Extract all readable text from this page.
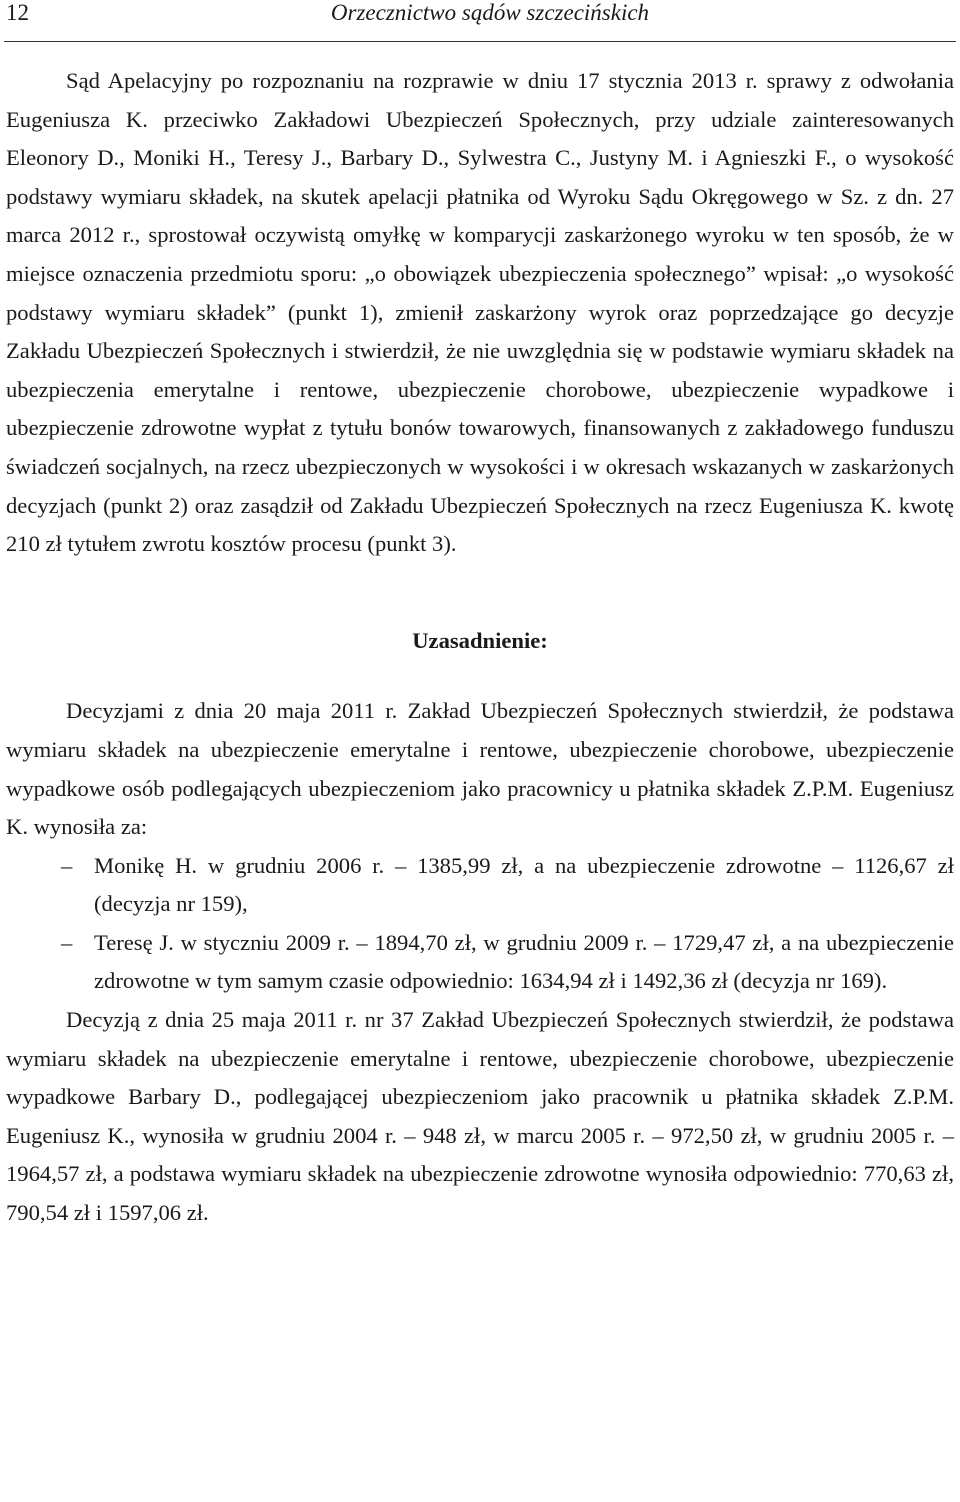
12	Orzecznictwo sądów szczecińskich

Sąd Apelacyjny po rozpoznaniu na rozprawie w dniu 17 stycznia 2013 r. sprawy z odwołania Eugeniusza K. przeciwko Zakładowi Ubezpieczeń Społecznych, przy udziale zainteresowanych Eleonory D., Moniki H., Teresy J., Barbary D., Sylwestra C., Justyny M. i Agnieszki F., o wysokość podstawy wymiaru składek, na skutek apelacji płatnika od Wyroku Sądu Okręgowego w Sz. z dn. 27 marca 2012 r., sprostował oczywistą omyłkę w komparycji zaskarżonego wyroku w ten sposób, że w miejsce oznaczenia przedmiotu sporu: „o obowiązek ubezpieczenia społecznego” wpisał: „o wysokość podstawy wymiaru składek” (punkt 1), zmienił zaskarżony wyrok oraz poprzedzające go decyzje Zakładu Ubezpieczeń Społecznych i stwierdził, że nie uwzględnia się w podstawie wymiaru składek na ubezpieczenia emerytalne i rentowe, ubezpieczenie chorobowe, ubezpieczenie wypadkowe i ubezpieczenie zdrowotne wypłat z tytułu bonów towarowych, finansowanych z zakładowego funduszu świadczeń socjalnych, na rzecz ubezpieczonych w wysokości i w okresach wskazanych w zaskarżonych decyzjach (punkt 2) oraz zasądził od Zakładu Ubezpieczeń Społecznych na rzecz Eugeniusza K. kwotę 210 zł tytułem zwrotu kosztów procesu (punkt 3).

Uzasadnienie:

Decyzjami z dnia 20 maja 2011 r. Zakład Ubezpieczeń Społecznych stwierdził, że podstawa wymiaru składek na ubezpieczenie emerytalne i rentowe, ubezpieczenie chorobowe, ubezpieczenie wypadkowe osób podlegających ubezpieczeniom jako pracownicy u płatnika składek Z.P.M. Eugeniusz K. wynosiła za:

– Monikę H. w grudniu 2006 r. – 1385,99 zł, a na ubezpieczenie zdrowotne – 1126,67 zł (decyzja nr 159),
– Teresę J. w styczniu 2009 r. – 1894,70 zł, w grudniu 2009 r. – 1729,47 zł, a na ubezpieczenie zdrowotne w tym samym czasie odpowiednio: 1634,94 zł i 1492,36 zł (decyzja nr 169).

Decyzją z dnia 25 maja 2011 r. nr 37 Zakład Ubezpieczeń Społecznych stwierdził, że podstawa wymiaru składek na ubezpieczenie emerytalne i rentowe, ubezpieczenie chorobowe, ubezpieczenie wypadkowe Barbary D., podlegającej ubezpieczeniom jako pracownik u płatnika składek Z.P.M. Eugeniusz K., wynosiła w grudniu 2004 r. – 948 zł, w marcu 2005 r. – 972,50 zł, w grudniu 2005 r. – 1964,57 zł, a podstawa wymiaru składek na ubezpieczenie zdrowotne wynosiła odpowiednio: 770,63 zł, 790,54 zł i 1597,06 zł.
